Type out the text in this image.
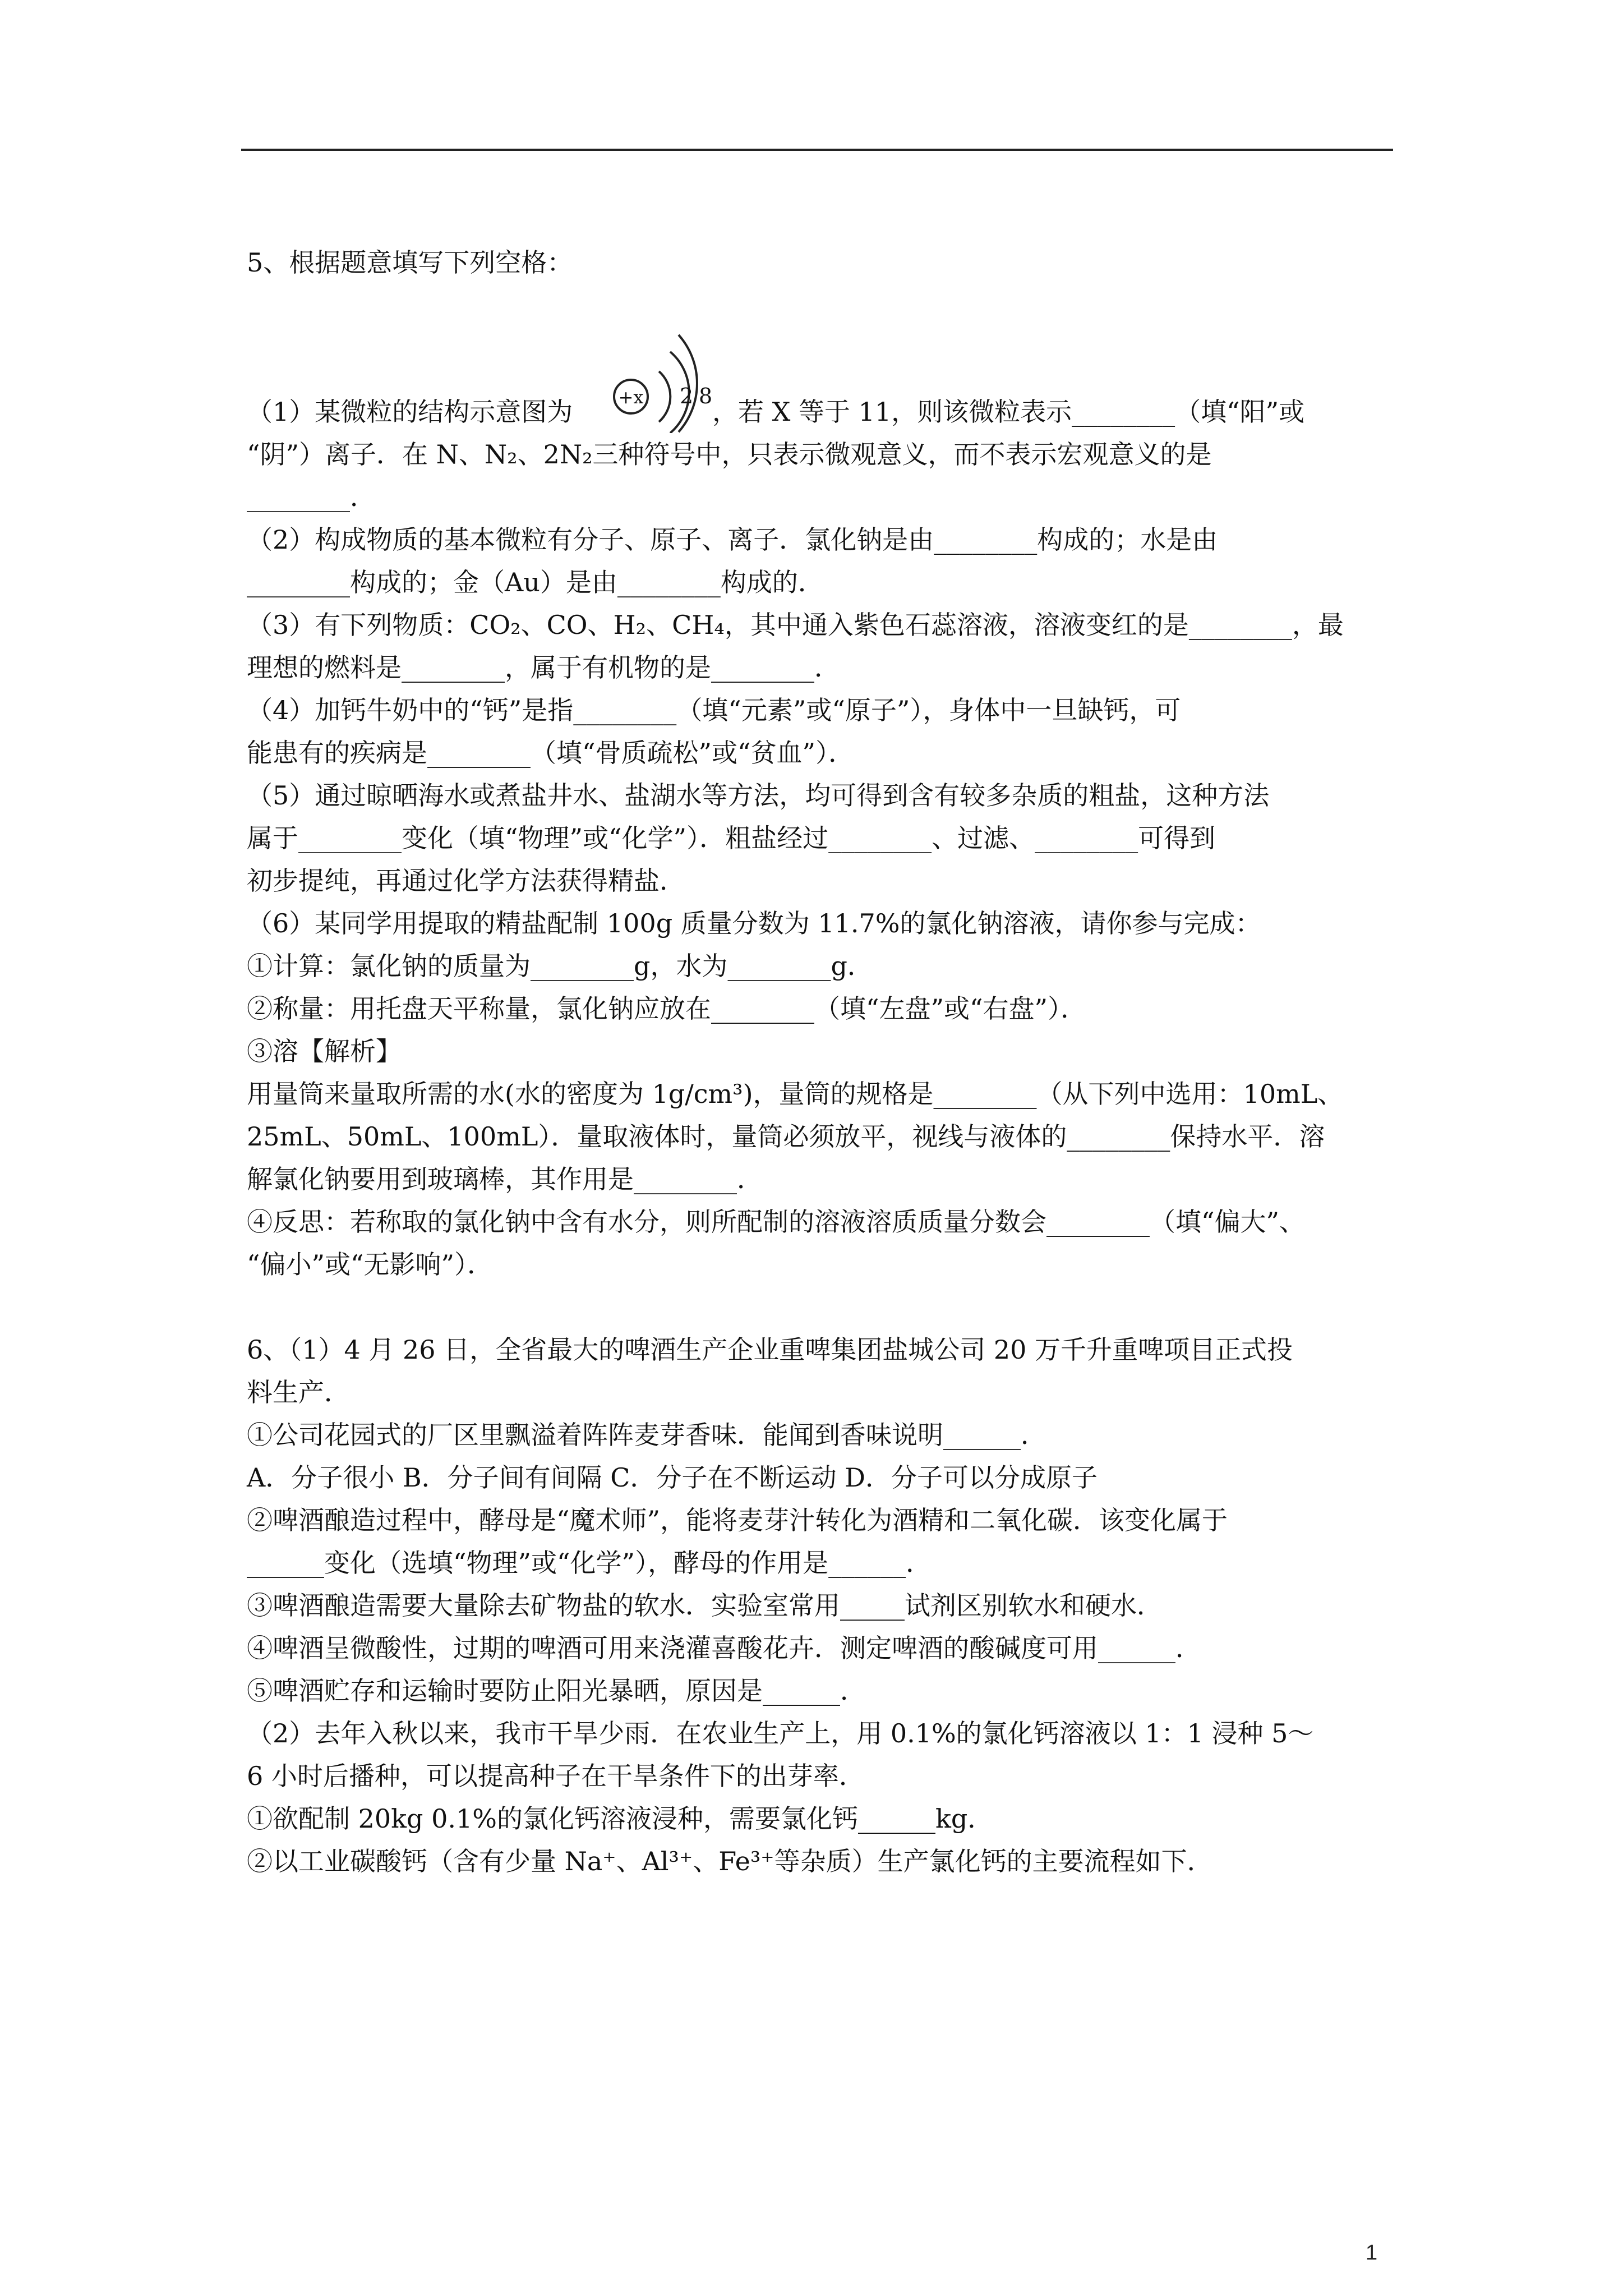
5、根据题意填写下列空格：
+x 2 8
（1）某微粒的结构示意图为	，若 X 等于 11，则该微粒表示________（填“阳”或
“阴”）离子．在 N、N₂、2N₂三种符号中，只表示微观意义，而不表示宏观意义的是
________．
（2）构成物质的基本微粒有分子、原子、离子．氯化钠是由________构成的；水是由
________构成的；金（Au）是由________构成的．
（3）有下列物质：CO₂、CO、H₂、CH₄，其中通入紫色石蕊溶液，溶液变红的是________，最
理想的燃料是________，属于有机物的是________．
（4）加钙牛奶中的“钙”是指________（填“元素”或“原子”），身体中一旦缺钙，可
能患有的疾病是________（填“骨质疏松”或“贫血”）．
（5）通过晾晒海水或煮盐井水、盐湖水等方法，均可得到含有较多杂质的粗盐，这种方法
属于________变化（填“物理”或“化学”）．粗盐经过________、过滤、________可得到
初步提纯，再通过化学方法获得精盐．
（6）某同学用提取的精盐配制 100g 质量分数为 11.7%的氯化钠溶液，请你参与完成：
①计算：氯化钠的质量为________g，水为________g．
②称量：用托盘天平称量，氯化钠应放在________（填“左盘”或“右盘”）．
③溶【解析】
用量筒来量取所需的水(水的密度为 1g/cm³)，量筒的规格是________（从下列中选用：10mL、
25mL、50mL、100mL）．量取液体时，量筒必须放平，视线与液体的________保持水平．溶
解氯化钠要用到玻璃棒，其作用是________．
④反思：若称取的氯化钠中含有水分，则所配制的溶液溶质质量分数会________（填“偏大”、
“偏小”或“无影响”）．
6、（1）4 月 26 日，全省最大的啤酒生产企业重啤集团盐城公司 20 万千升重啤项目正式投
料生产．
①公司花园式的厂区里飘溢着阵阵麦芽香味．能闻到香味说明______．
A．分子很小 B．分子间有间隔 C．分子在不断运动 D．分子可以分成原子
②啤酒酿造过程中，酵母是“魔术师”，能将麦芽汁转化为酒精和二氧化碳．该变化属于
______变化（选填“物理”或“化学”），酵母的作用是______．
③啤酒酿造需要大量除去矿物盐的软水．实验室常用_____试剂区别软水和硬水．
④啤酒呈微酸性，过期的啤酒可用来浇灌喜酸花卉．测定啤酒的酸碱度可用______．
⑤啤酒贮存和运输时要防止阳光暴晒，原因是______．
（2）去年入秋以来，我市干旱少雨．在农业生产上，用 0.1%的氯化钙溶液以 1：1 浸种 5～
6 小时后播种，可以提高种子在干旱条件下的出芽率．
①欲配制 20kg 0.1%的氯化钙溶液浸种，需要氯化钙______kg．
②以工业碳酸钙（含有少量 Na⁺、Al³⁺、Fe³⁺等杂质）生产氯化钙的主要流程如下．
1
